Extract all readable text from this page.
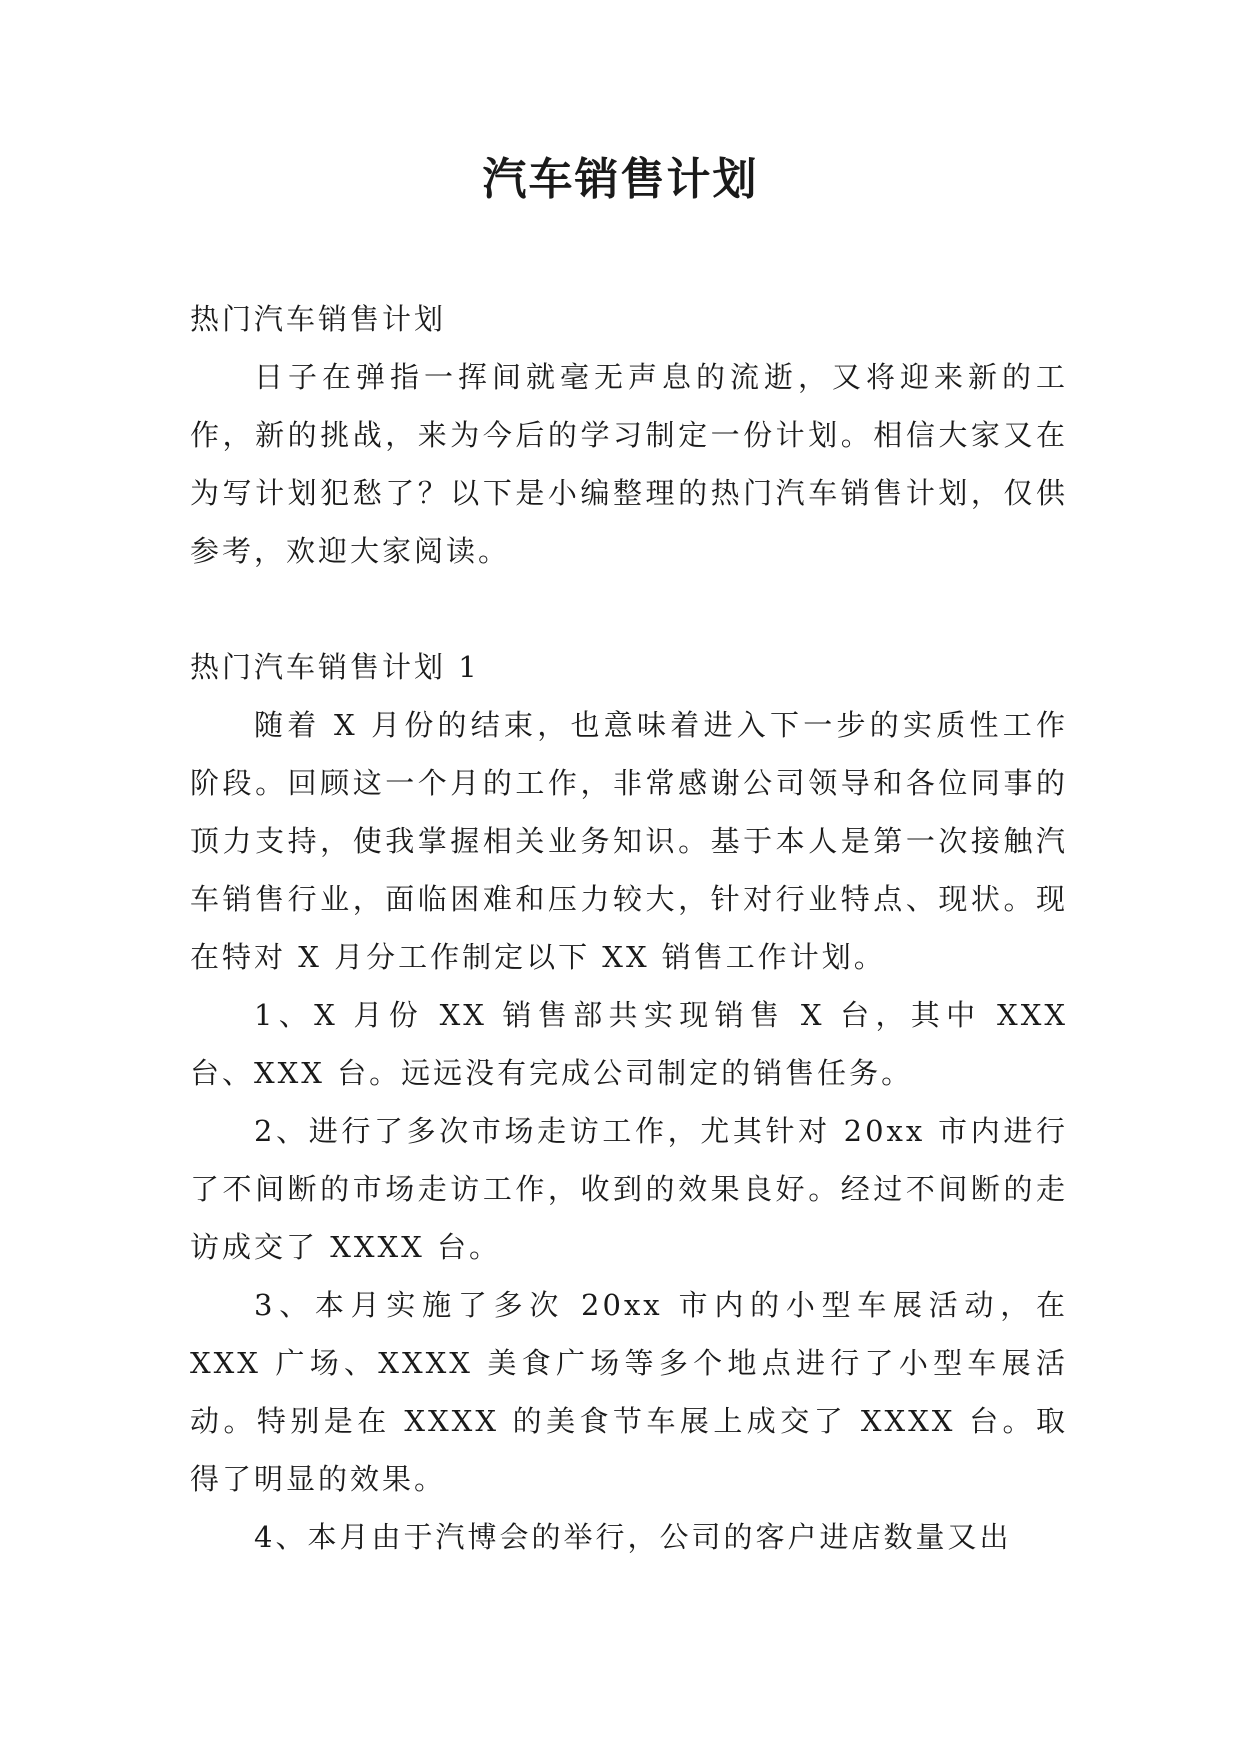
汽车销售计划

热门汽车销售计划

日子在弹指一挥间就毫无声息的流逝，又将迎来新的工作，新的挑战，来为今后的学习制定一份计划。相信大家又在为写计划犯愁了？以下是小编整理的热门汽车销售计划，仅供参考，欢迎大家阅读。

热门汽车销售计划 1

随着 X 月份的结束，也意味着进入下一步的实质性工作阶段。回顾这一个月的工作，非常感谢公司领导和各位同事的顶力支持，使我掌握相关业务知识。基于本人是第一次接触汽车销售行业，面临困难和压力较大，针对行业特点、现状。现在特对 X 月分工作制定以下 XX 销售工作计划。

1、X 月份 XX 销售部共实现销售 X 台，其中 XXX 台、XXX 台。远远没有完成公司制定的销售任务。

2、进行了多次市场走访工作，尤其针对 20xx 市内进行了不间断的市场走访工作，收到的效果良好。经过不间断的走访成交了 XXXX 台。

3、本月实施了多次 20xx 市内的小型车展活动，在 XXX 广场、XXXX 美食广场等多个地点进行了小型车展活动。特别是在 XXXX 的美食节车展上成交了 XXXX 台。取得了明显的效果。

4、本月由于汽博会的举行，公司的客户进店数量又出
